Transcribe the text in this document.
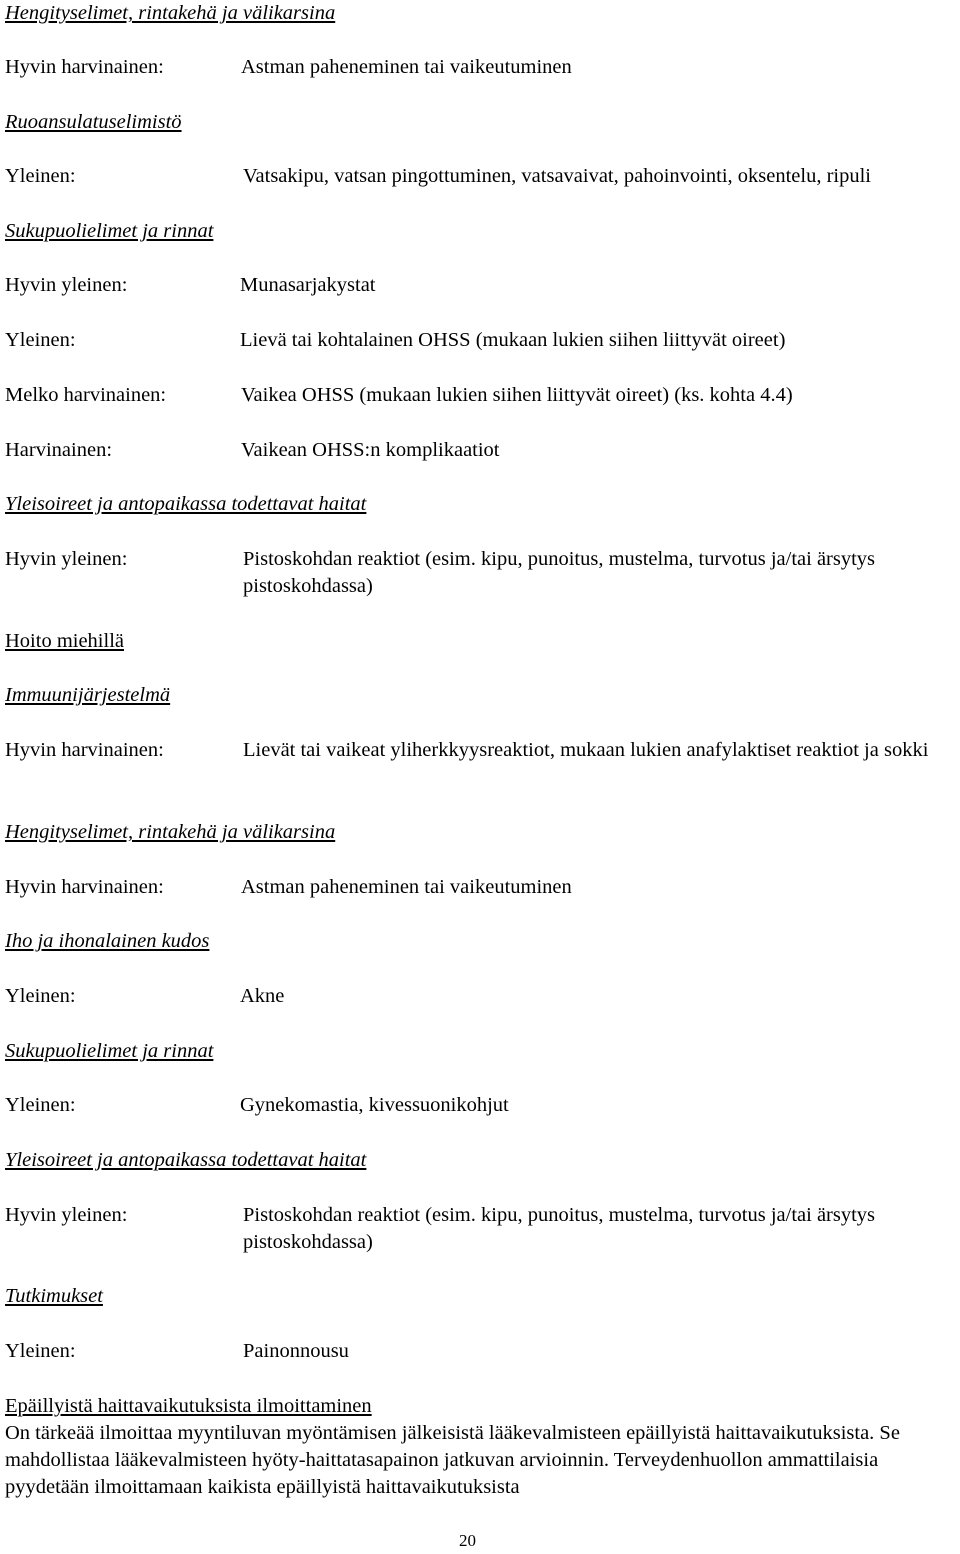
Hengityselimet, rintakehä ja välikarsina
Hyvin harvinainen:	Astman paheneminen tai vaikeutuminen
Ruoansulatuselimistö
Yleinen:	Vatsakipu, vatsan pingottuminen, vatsavaivat, pahoinvointi, oksentelu, ripuli
Sukupuolielimet ja rinnat
Hyvin yleinen:	Munasarjakystat
Yleinen:	Lievä tai kohtalainen OHSS (mukaan lukien siihen liittyvät oireet)
Melko harvinainen:	Vaikea OHSS (mukaan lukien siihen liittyvät oireet) (ks. kohta 4.4)
Harvinainen:	Vaikean OHSS:n komplikaatiot
Yleisoireet ja antopaikassa todettavat haitat
Hyvin yleinen:	Pistoskohdan reaktiot (esim. kipu, punoitus, mustelma, turvotus ja/tai ärsytys pistoskohdassa)
Hoito miehillä
Immuunijärjestelmä
Hyvin harvinainen:	Lievät tai vaikeat yliherkkyysreaktiot, mukaan lukien anafylaktiset reaktiot ja sokki
Hengityselimet, rintakehä ja välikarsina
Hyvin harvinainen:	Astman paheneminen tai vaikeutuminen
Iho ja ihonalainen kudos
Yleinen:	Akne
Sukupuolielimet ja rinnat
Yleinen:	Gynekomastia, kivessuonikohjut
Yleisoireet ja antopaikassa todettavat haitat
Hyvin yleinen:	Pistoskohdan reaktiot (esim. kipu, punoitus, mustelma, turvotus ja/tai ärsytys pistoskohdassa)
Tutkimukset
Yleinen:	Painonnousu
Epäillyistä haittavaikutuksista ilmoittaminen
On tärkeää ilmoittaa myyntiluvan myöntämisen jälkeisistä lääkevalmisteen epäillyistä haittavaikutuksista. Se mahdollistaa lääkevalmisteen hyöty-haittatasapainon jatkuvan arvioinnin. Terveydenhuollon ammattilaisia pyydetään ilmoittamaan kaikista epäillyistä haittavaikutuksista
20
